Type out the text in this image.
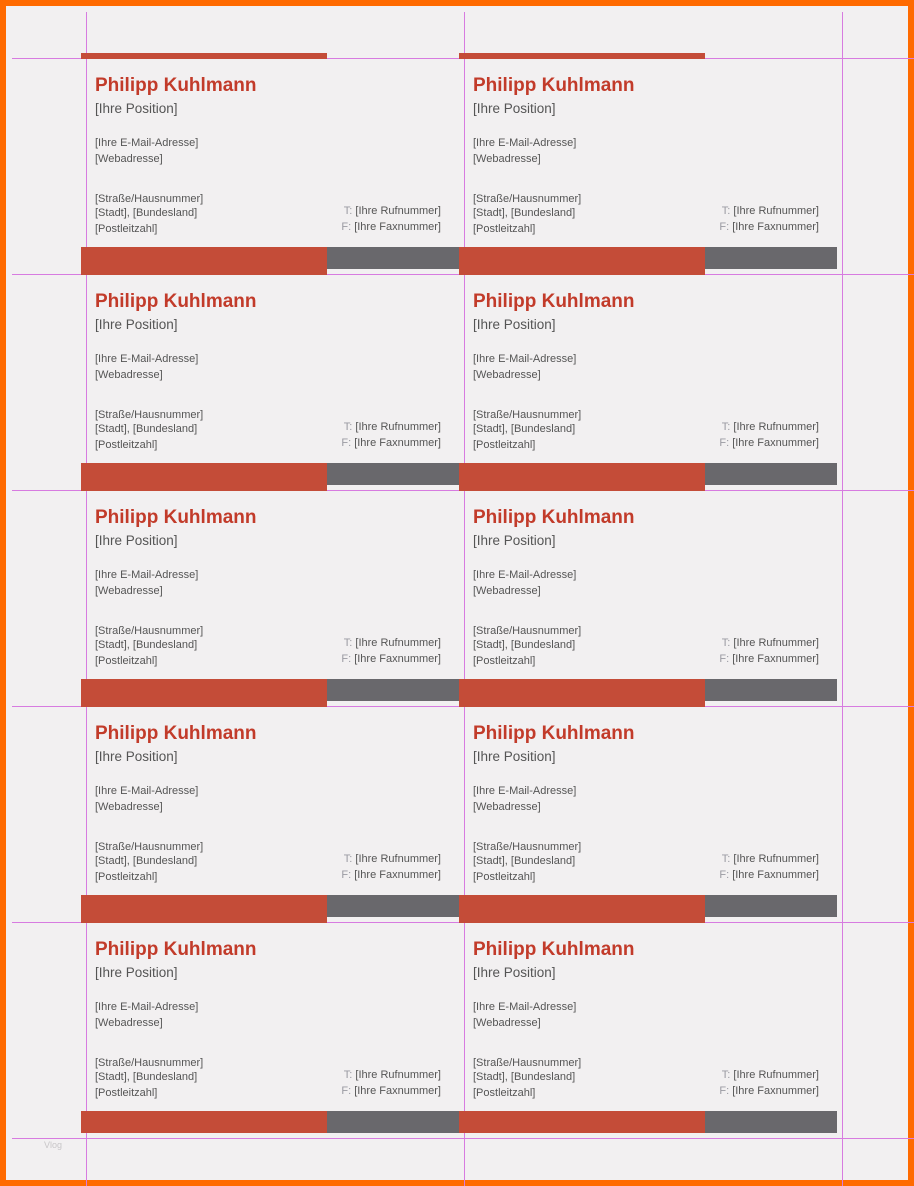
Philipp Kuhlmann
[Ihre Position]
[Ihre E-Mail-Adresse]
[Webadresse]
[Straße/Hausnummer]
[Stadt], [Bundesland]
[Postleitzahl]
T: [Ihre Rufnummer]
F: [Ihre Faxnummer]
Philipp Kuhlmann
[Ihre Position]
[Ihre E-Mail-Adresse]
[Webadresse]
[Straße/Hausnummer]
[Stadt], [Bundesland]
[Postleitzahl]
T: [Ihre Rufnummer]
F: [Ihre Faxnummer]
Philipp Kuhlmann
[Ihre Position]
[Ihre E-Mail-Adresse]
[Webadresse]
[Straße/Hausnummer]
[Stadt], [Bundesland]
[Postleitzahl]
T: [Ihre Rufnummer]
F: [Ihre Faxnummer]
Philipp Kuhlmann
[Ihre Position]
[Ihre E-Mail-Adresse]
[Webadresse]
[Straße/Hausnummer]
[Stadt], [Bundesland]
[Postleitzahl]
T: [Ihre Rufnummer]
F: [Ihre Faxnummer]
Philipp Kuhlmann
[Ihre Position]
[Ihre E-Mail-Adresse]
[Webadresse]
[Straße/Hausnummer]
[Stadt], [Bundesland]
[Postleitzahl]
T: [Ihre Rufnummer]
F: [Ihre Faxnummer]
Philipp Kuhlmann
[Ihre Position]
[Ihre E-Mail-Adresse]
[Webadresse]
[Straße/Hausnummer]
[Stadt], [Bundesland]
[Postleitzahl]
T: [Ihre Rufnummer]
F: [Ihre Faxnummer]
Philipp Kuhlmann
[Ihre Position]
[Ihre E-Mail-Adresse]
[Webadresse]
[Straße/Hausnummer]
[Stadt], [Bundesland]
[Postleitzahl]
T: [Ihre Rufnummer]
F: [Ihre Faxnummer]
Philipp Kuhlmann
[Ihre Position]
[Ihre E-Mail-Adresse]
[Webadresse]
[Straße/Hausnummer]
[Stadt], [Bundesland]
[Postleitzahl]
T: [Ihre Rufnummer]
F: [Ihre Faxnummer]
Philipp Kuhlmann
[Ihre Position]
[Ihre E-Mail-Adresse]
[Webadresse]
[Straße/Hausnummer]
[Stadt], [Bundesland]
[Postleitzahl]
T: [Ihre Rufnummer]
F: [Ihre Faxnummer]
Philipp Kuhlmann
[Ihre Position]
[Ihre E-Mail-Adresse]
[Webadresse]
[Straße/Hausnummer]
[Stadt], [Bundesland]
[Postleitzahl]
T: [Ihre Rufnummer]
F: [Ihre Faxnummer]
Vlog
